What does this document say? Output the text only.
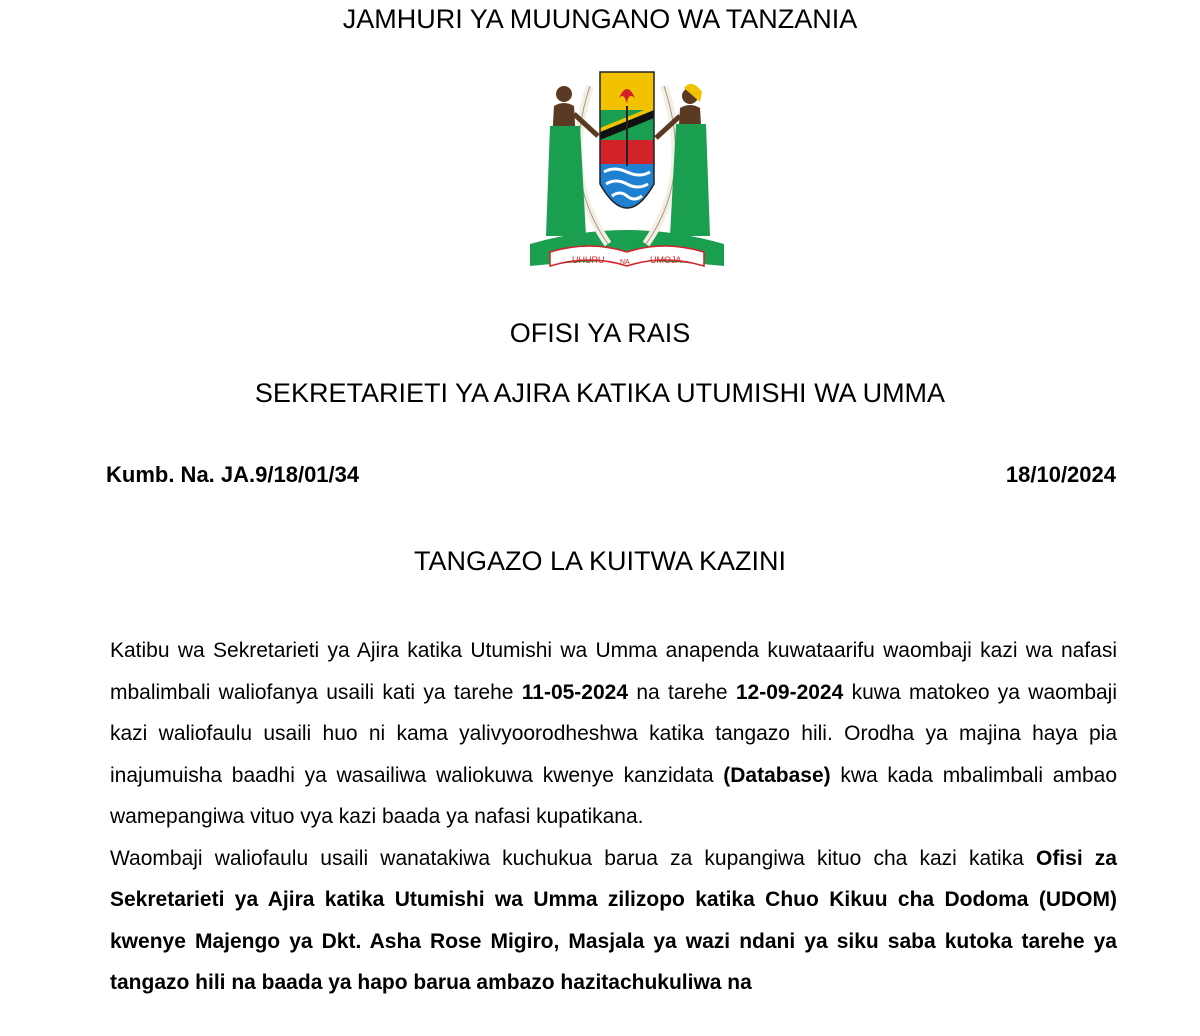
JAMHURI YA MUUNGANO WA TANZANIA
UHURU NA UMOJA
OFISI YA RAIS
SEKRETARIETI YA AJIRA KATIKA UTUMISHI WA UMMA
Kumb. Na. JA.9/18/01/34	18/10/2024
TANGAZO LA KUITWA KAZINI

Katibu wa Sekretarieti ya Ajira katika Utumishi wa Umma anapenda kuwataarifu waombaji kazi wa nafasi mbalimbali waliofanya usaili kati ya tarehe 11-05-2024 na tarehe 12-09-2024 kuwa matokeo ya waombaji kazi waliofaulu usaili huo ni kama yalivyoorodheshwa katika tangazo hili. Orodha ya majina haya pia inajumuisha baadhi ya wasailiwa waliokuwa kwenye kanzidata (Database) kwa kada mbalimbali ambao wamepangiwa vituo vya kazi baada ya nafasi kupatikana.

Waombaji waliofaulu usaili wanatakiwa kuchukua barua za kupangiwa kituo cha kazi katika Ofisi za Sekretarieti ya Ajira katika Utumishi wa Umma zilizopo katika Chuo Kikuu cha Dodoma (UDOM) kwenye Majengo ya Dkt. Asha Rose Migiro, Masjala ya wazi ndani ya siku saba kutoka tarehe ya tangazo hili na baada ya hapo barua ambazo hazitachukuliwa na
